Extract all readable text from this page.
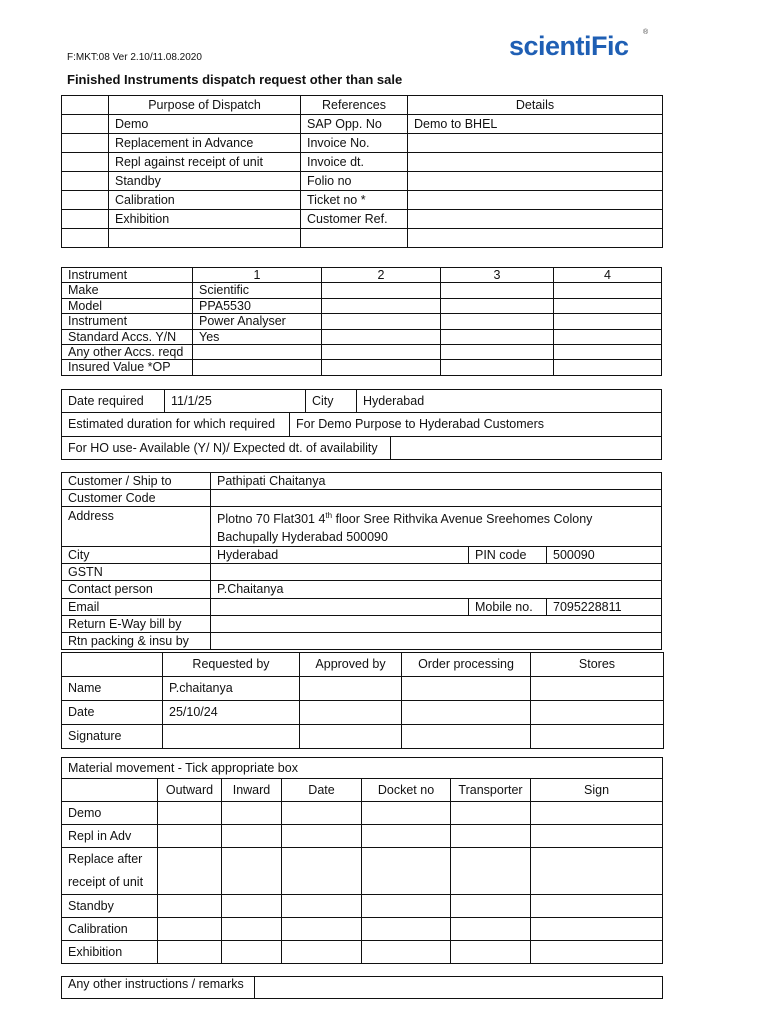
F:MKT:08 Ver 2.10/11.08.2020	scientiFic ®
Finished Instruments dispatch request other than sale
	Purpose of Dispatch	References	Details
	Demo	SAP Opp. No	Demo to BHEL
	Replacement in Advance	Invoice No.	
	Repl against receipt of unit	Invoice dt.	
	Standby	Folio no	
	Calibration	Ticket no *	
	Exhibition	Customer Ref.	

Instrument	1	2	3	4
Make	Scientific			
Model	PPA5530			
Instrument	Power Analyser			
Standard Accs. Y/N	Yes			
Any other Accs. reqd				
Insured Value *OP				
Date required	11/1/25	City	Hyderabad
Estimated duration for which required	For Demo Purpose to Hyderabad Customers
For HO use- Available (Y/ N)/ Expected dt. of availability	
Customer / Ship to	Pathipati Chaitanya		
Customer Code			
Address	Plotno 70 Flat301 4th floor Sree Rithvika Avenue Sreehomes Colony
Bachupally Hyderabad 500090		
City	Hyderabad	PIN code	500090
GSTN			
Contact person	P.Chaitanya		
Email		Mobile no.	7095228811
Return E-Way bill by			
Rtn packing & insu by			
	Requested by	Approved by	Order processing	Stores
Name	P.chaitanya			
Date	25/10/24			
Signature				
Material movement - Tick appropriate box						
	Outward	Inward	Date	Docket no	Transporter	Sign
Demo						
Repl in Adv						
Replace after
receipt of unit						
Standby						
Calibration						
Exhibition						
Any other instructions / remarks	
